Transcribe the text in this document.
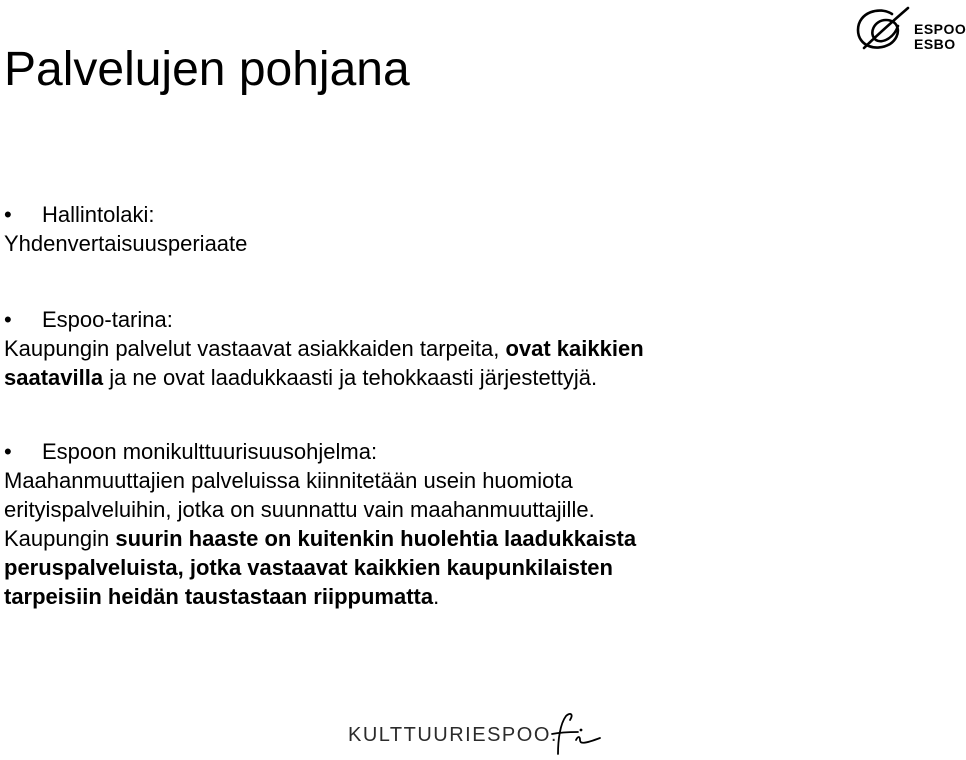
Palvelujen pohjana
ESPOO
ESBO
• Hallintolaki:
Yhdenvertaisuusperiaate
• Espoo-tarina:
Kaupungin palvelut vastaavat asiakkaiden tarpeita, ovat kaikkien
saatavilla ja ne ovat laadukkaasti ja tehokkaasti järjestettyjä.
• Espoon monikulttuurisuusohjelma:
Maahanmuuttajien palveluissa kiinnitetään usein huomiota
erityispalveluihin, jotka on suunnattu vain maahanmuuttajille.
Kaupungin suurin haaste on kuitenkin huolehtia laadukkaista
peruspalveluista, jotka vastaavat kaikkien kaupunkilaisten
tarpeisiin heidän taustastaan riippumatta.
KULTTUURIESPOO.
